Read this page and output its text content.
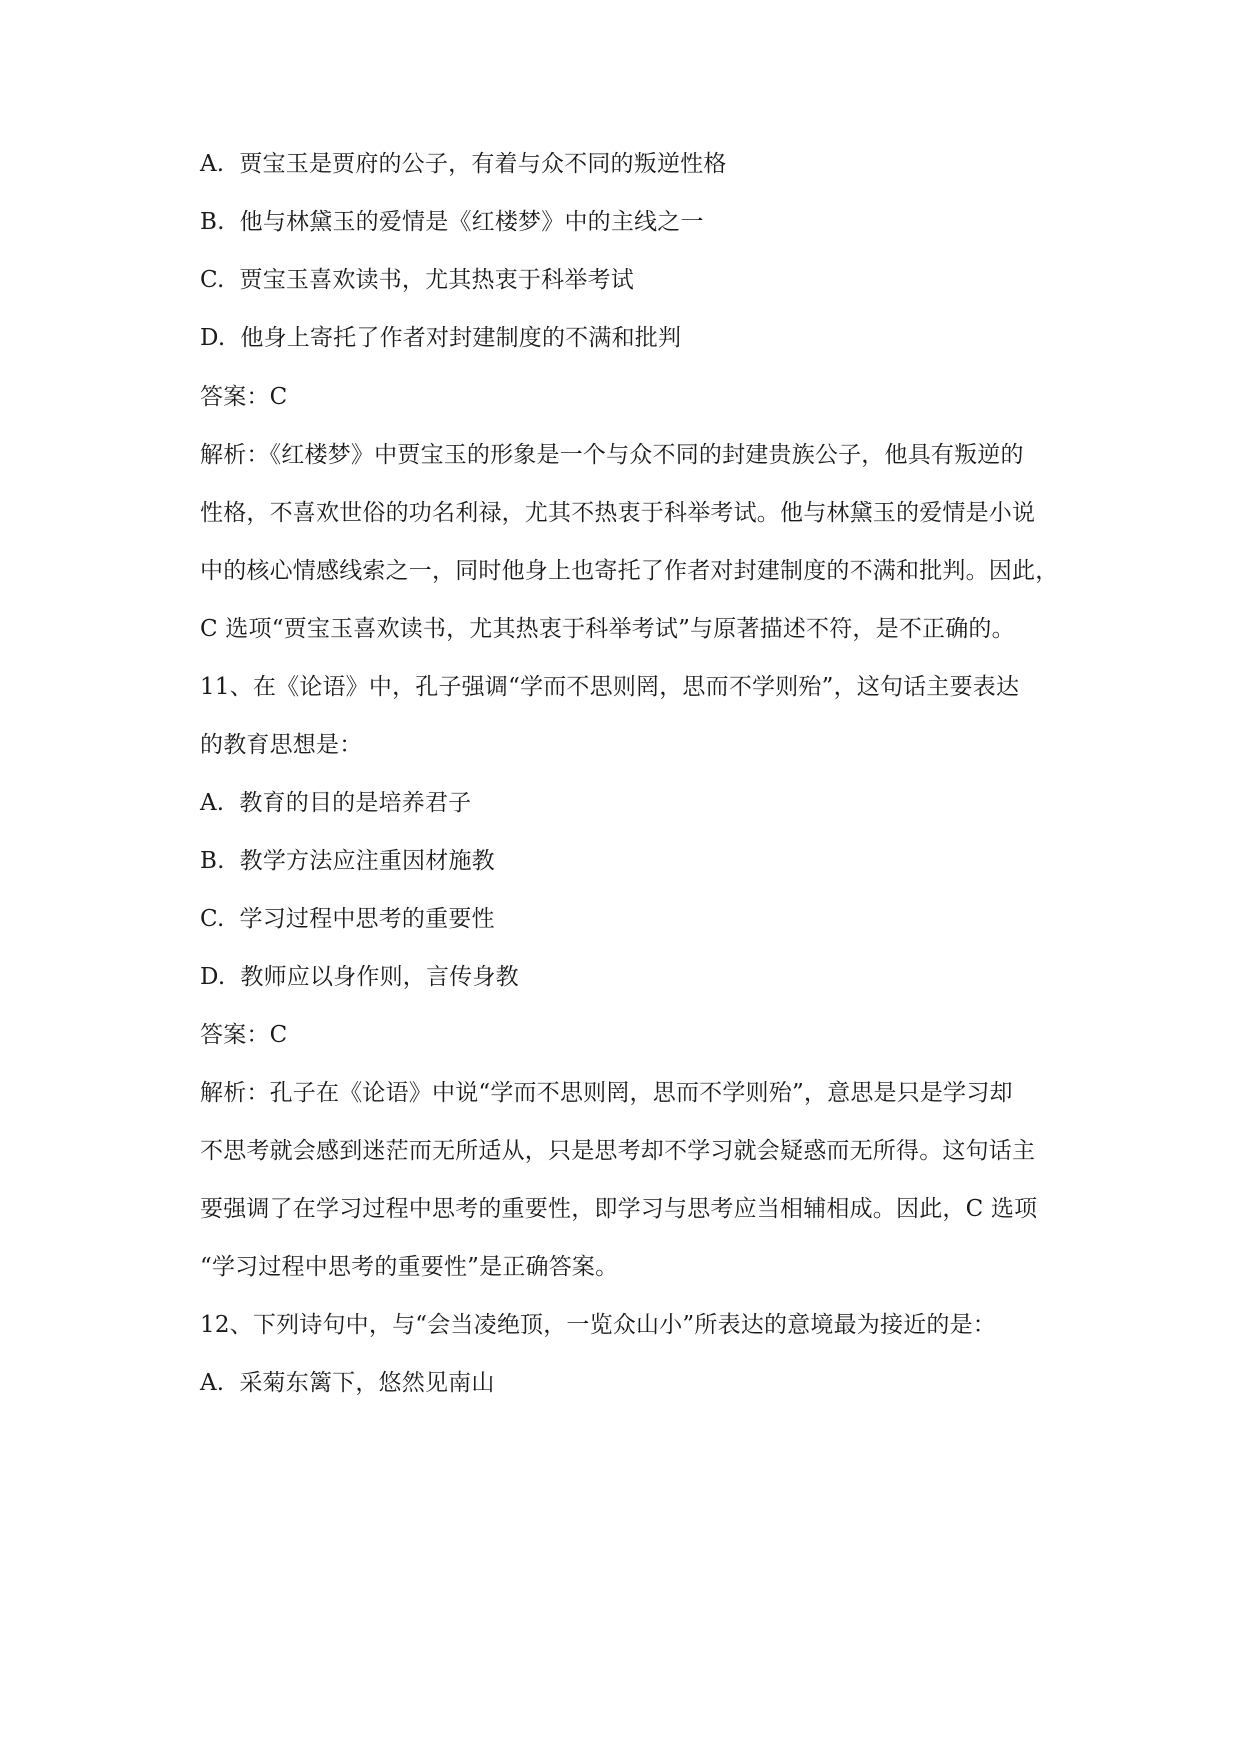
A. 贾宝玉是贾府的公子，有着与众不同的叛逆性格
B. 他与林黛玉的爱情是《红楼梦》中的主线之一
C. 贾宝玉喜欢读书，尤其热衷于科举考试
D. 他身上寄托了作者对封建制度的不满和批判
答案：C
解析：《红楼梦》中贾宝玉的形象是一个与众不同的封建贵族公子，他具有叛逆的
性格，不喜欢世俗的功名利禄，尤其不热衷于科举考试。他与林黛玉的爱情是小说
中的核心情感线索之一，同时他身上也寄托了作者对封建制度的不满和批判。因此，
C 选项“贾宝玉喜欢读书，尤其热衷于科举考试”与原著描述不符，是不正确的。
11、在《论语》中，孔子强调“学而不思则罔，思而不学则殆”，这句话主要表达
的教育思想是：
A. 教育的目的是培养君子
B. 教学方法应注重因材施教
C. 学习过程中思考的重要性
D. 教师应以身作则，言传身教
答案：C
解析：孔子在《论语》中说“学而不思则罔，思而不学则殆”，意思是只是学习却
不思考就会感到迷茫而无所适从，只是思考却不学习就会疑惑而无所得。这句话主
要强调了在学习过程中思考的重要性，即学习与思考应当相辅相成。因此，C 选项
“学习过程中思考的重要性”是正确答案。
12、下列诗句中，与“会当凌绝顶，一览众山小”所表达的意境最为接近的是：
A. 采菊东篱下，悠然见南山
